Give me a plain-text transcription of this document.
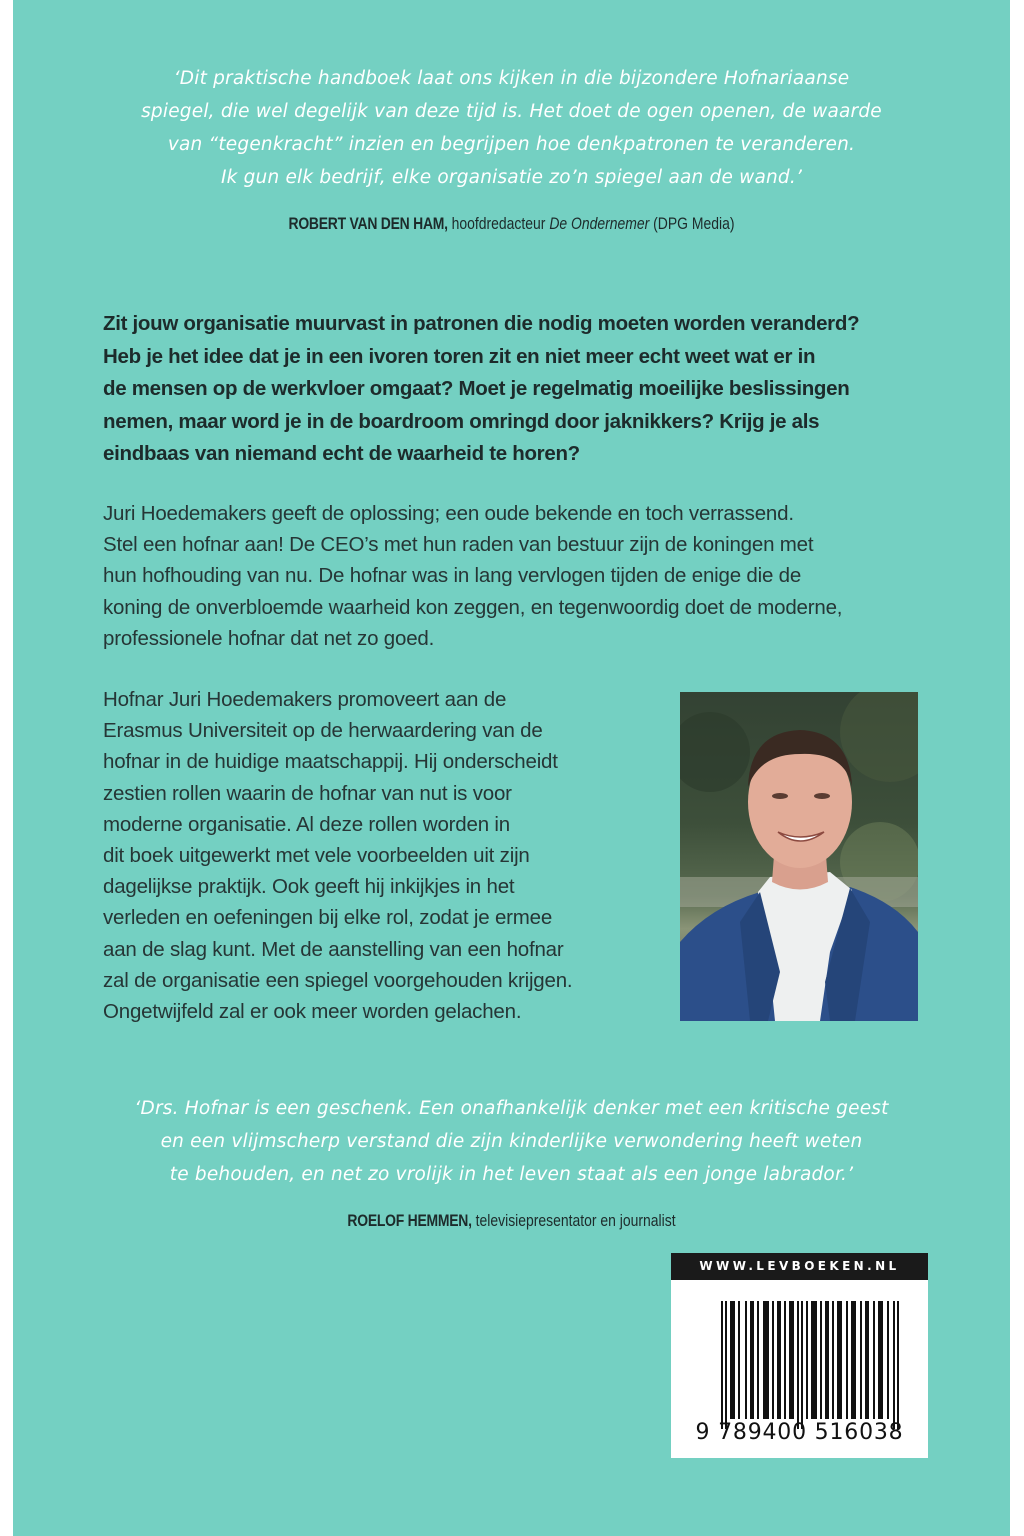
‘Dit praktische handboek laat ons kijken in die bijzondere Hofnariaanse

spiegel, die wel degelijk van deze tijd is. Het doet de ogen openen, de waarde

van “tegenkracht” inzien en begrijpen hoe denkpatronen te veranderen.

Ik gun elk bedrijf, elke organisatie zo’n spiegel aan de wand.’

ROBERT VAN DEN HAM, hoofdredacteur De Ondernemer (DPG Media)

Zit jouw organisatie muurvast in patronen die nodig moeten worden veranderd?

Heb je het idee dat je in een ivoren toren zit en niet meer echt weet wat er in

de mensen op de werkvloer omgaat? Moet je regelmatig moeilijke beslissingen

nemen, maar word je in de boardroom omringd door jaknikkers? Krijg je als

eindbaas van niemand echt de waarheid te horen?

Juri Hoedemakers geeft de oplossing; een oude bekende en toch verrassend.

Stel een hofnar aan! De CEO’s met hun raden van bestuur zijn de koningen met

hun hofhouding van nu. De hofnar was in lang vervlogen tijden de enige die de

koning de onverbloemde waarheid kon zeggen, en tegenwoordig doet de moderne,

professionele hofnar dat net zo goed.

Hofnar Juri Hoedemakers promoveert aan de

Erasmus Universiteit op de herwaardering van de

hofnar in de huidige maatschappij. Hij onderscheidt

zestien rollen waarin de hofnar van nut is voor

moderne organisatie. Al deze rollen worden in

dit boek uitgewerkt met vele voorbeelden uit zijn

dagelijkse praktijk. Ook geeft hij inkijkjes in het

verleden en oefeningen bij elke rol, zodat je ermee

aan de slag kunt. Met de aanstelling van een hofnar

zal de organisatie een spiegel voorgehouden krijgen.

Ongetwijfeld zal er ook meer worden gelachen.

‘Drs. Hofnar is een geschenk. Een onafhankelijk denker met een kritische geest

en een vlijmscherp verstand die zijn kinderlijke verwondering heeft weten

te behouden, en net zo vrolijk in het leven staat als een jonge labrador.’

ROELOF HEMMEN, televisiepresentator en journalist
WWW.LEVBOEKEN.NL
9 789400 516038
